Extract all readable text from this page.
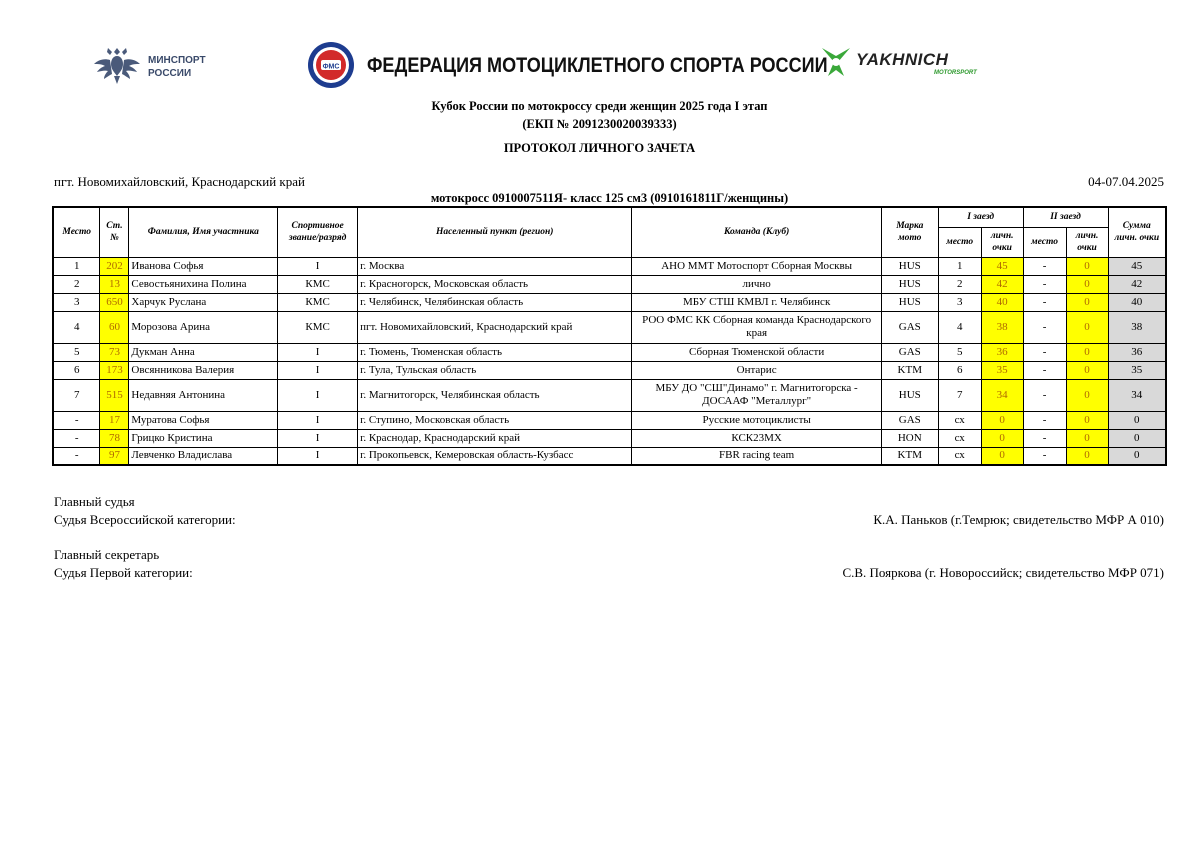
МИНСПОРТ
РОССИИ
ФМС ФЕДЕРАЦИЯ МОТОЦИКЛЕТНОГО СПОРТА РОССИИ YAKHNICH
MOTORSPORT
Кубок России по мотокроссу среди женщин 2025 года I этап
(ЕКП № 2091230020039333)
ПРОТОКОЛ ЛИЧНОГО ЗАЧЕТА
пгт. Новомихайловский, Краснодарский край	04-07.04.2025
мотокросс 0910007511Я- класс 125 см3 (0910161811Г/женщины)
Место	Ст. №	Фамилия, Имя участника	Спортивное звание/разряд	Населенный пункт (регион)	Команда (Клуб)	Марка мото	I заезд		II заезд		Сумма личн. очки
							место	личн. очки	место	личн. очки	
1	202	Иванова Софья	I	г. Москва	АНО ММТ Мотоспорт Сборная Москвы	HUS	1	45	-	0	45
2	13	Севостьянихина Полина	КМС	г. Красногорск, Московская область	лично	HUS	2	42	-	0	42
3	650	Харчук Руслана	КМС	г. Челябинск, Челябинская область	МБУ СТШ КМВЛ г. Челябинск	HUS	3	40	-	0	40
4	60	Морозова Арина	КМС	пгт. Новомихайловский, Краснодарский край	РОО ФМС КК Сборная команда Краснодарского края	GAS	4	38	-	0	38
5	73	Дукман Анна	I	г. Тюмень, Тюменская область	Сборная Тюменской области	GAS	5	36	-	0	36
6	173	Овсянникова Валерия	I	г. Тула, Тульская область	Онтарис	KTM	6	35	-	0	35
7	515	Недавняя Антонина	I	г. Магнитогорск, Челябинская область	МБУ ДО "СШ"Динамо" г. Магнитогорска - ДОСААФ "Металлург"	HUS	7	34	-	0	34
-	17	Муратова Софья	I	г. Ступино, Московская область	Русские мотоциклисты	GAS	сх	0	-	0	0
-	78	Грицко Кристина	I	г. Краснодар, Краснодарский край	КСК23МХ	HON	сх	0	-	0	0
-	97	Левченко Владислава	I	г. Прокопьевск, Кемеровская область-Кузбасс	FBR racing team	KTM	сх	0	-	0	0
Главный судья
Судья Всероссийской категории:	К.А. Паньков (г.Темрюк; свидетельство МФР А 010)
Главный секретарь
Судья Первой категории:	С.В. Пояркова (г. Новороссийск; свидетельство МФР 071)
